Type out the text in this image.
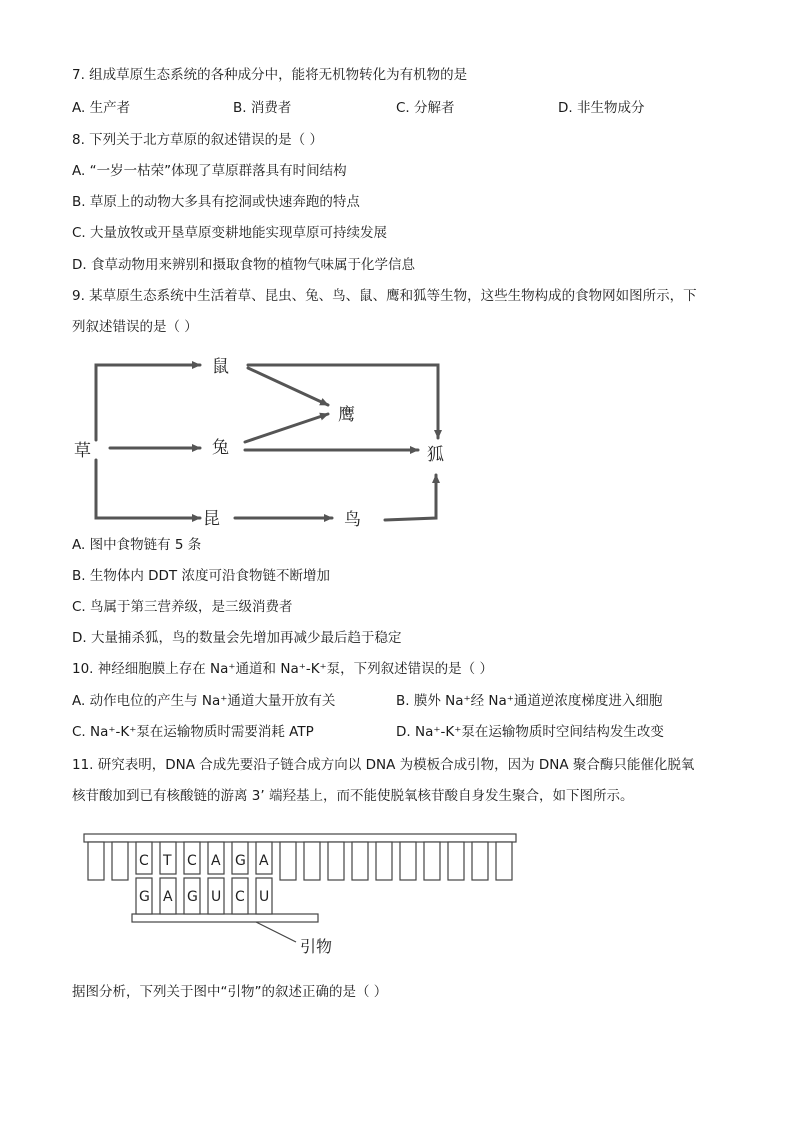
7. 组成草原生态系统的各种成分中，能将无机物转化为有机物的是
A. 生产者	B. 消费者	C. 分解者	D. 非生物成分
8. 下列关于北方草原的叙述错误的是（ ）
A. “一岁一枯荣”体现了草原群落具有时间结构
B. 草原上的动物大多具有挖洞或快速奔跑的特点
C. 大量放牧或开垦草原变耕地能实现草原可持续发展
D. 食草动物用来辨别和摄取食物的植物气味属于化学信息
9. 某草原生态系统中生活着草、昆虫、兔、鸟、鼠、鹰和狐等生物，这些生物构成的食物网如图所示，下
列叙述错误的是（ ）
草
鼠
兔
昆
鹰
狐
鸟
A. 图中食物链有 5 条
B. 生物体内 DDT 浓度可沿食物链不断增加
C. 鸟属于第三营养级，是三级消费者
D. 大量捕杀狐，鸟的数量会先增加再减少最后趋于稳定
10. 神经细胞膜上存在 Na⁺通道和 Na⁺-K⁺泵，下列叙述错误的是（ ）
A. 动作电位的产生与 Na⁺通道大量开放有关	B. 膜外 Na⁺经 Na⁺通道逆浓度梯度进入细胞
C. Na⁺-K⁺泵在运输物质时需要消耗 ATP	D. Na⁺-K⁺泵在运输物质时空间结构发生改变
11. 研究表明，DNA 合成先要沿子链合成方向以 DNA 为模板合成引物，因为 DNA 聚合酶只能催化脱氧
核苷酸加到已有核酸链的游离 3’ 端羟基上，而不能使脱氧核苷酸自身发生聚合，如下图所示。
引物
C
G
T
A
C
G
A
U
G
C
A
U
据图分析，下列关于图中“引物”的叙述正确的是（ ）
